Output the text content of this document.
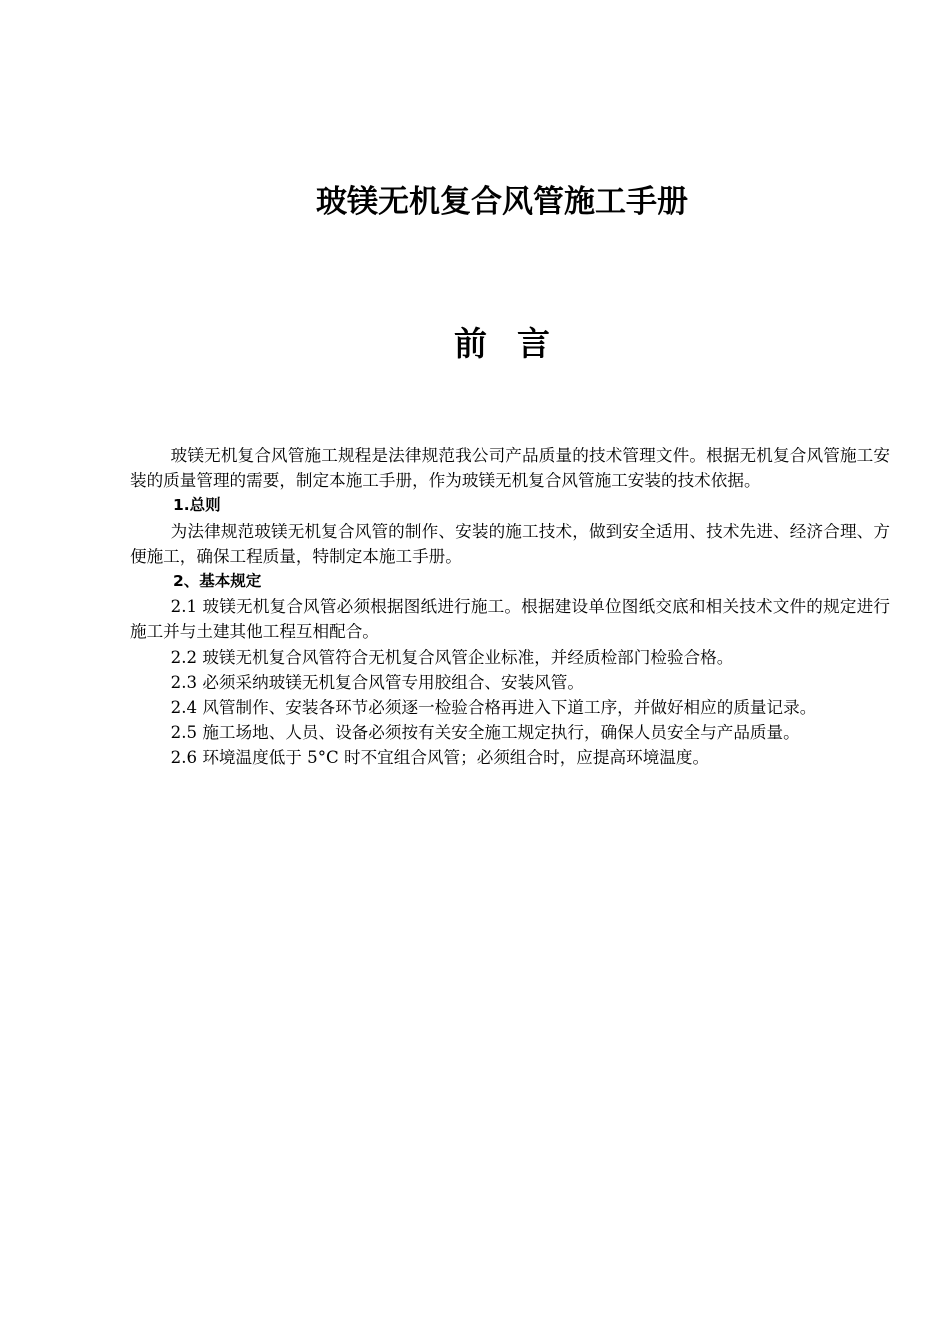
玻镁无机复合风管施工手册
前 言

玻镁无机复合风管施工规程是法律规范我公司产品质量的技术管理文件。根据无机复合风管施工安装的质量管理的需要，制定本施工手册，作为玻镁无机复合风管施工安装的技术依据。

1.总则

为法律规范玻镁无机复合风管的制作、安装的施工技术，做到安全适用、技术先进、经济合理、方便施工，确保工程质量，特制定本施工手册。

2、基本规定

2.1 玻镁无机复合风管必须根据图纸进行施工。根据建设单位图纸交底和相关技术文件的规定进行施工并与土建其他工程互相配合。

2.2 玻镁无机复合风管符合无机复合风管企业标准，并经质检部门检验合格。

2.3 必须采纳玻镁无机复合风管专用胶组合、安装风管。

2.4 风管制作、安装各环节必须逐一检验合格再进入下道工序，并做好相应的质量记录。

2.5 施工场地、人员、设备必须按有关安全施工规定执行，确保人员安全与产品质量。

2.6 环境温度低于 5°C 时不宜组合风管；必须组合时，应提高环境温度。
